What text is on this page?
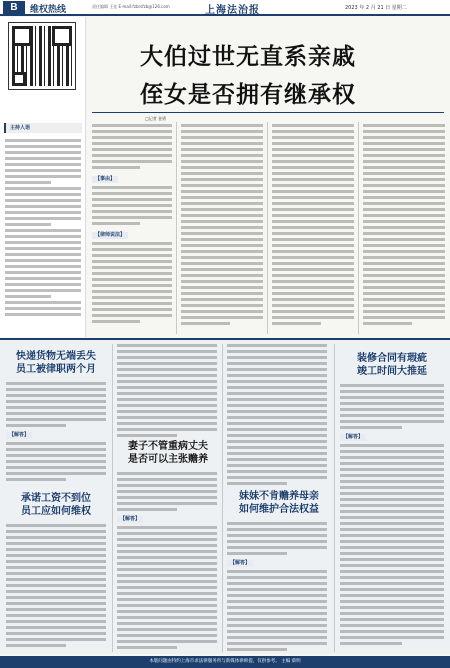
B	维权热线	责任编辑 王佳 E-mail:fzbrsfzb@126.com	上海法治报	2023 年 2 月 21 日 星期二
主持人语
大伯过世无直系亲戚
侄女是否拥有继承权
□记者 金勇
【事由】
【律师说法】
快递货物无端丢失
员工被律职两个月
【解答】
承诺工资不到位
员工应如何维权
妻子不管重病丈夫
是否可以主张赡养
【解答】
妹妹不肯赡养母亲
如何维护合法权益
【解答】
装修合同有瑕疵
竣工时间大推延
【解答】
本版问题由特约上海市求法律服务所与新媒体律师提，仅供参考。 主编 蔡明
